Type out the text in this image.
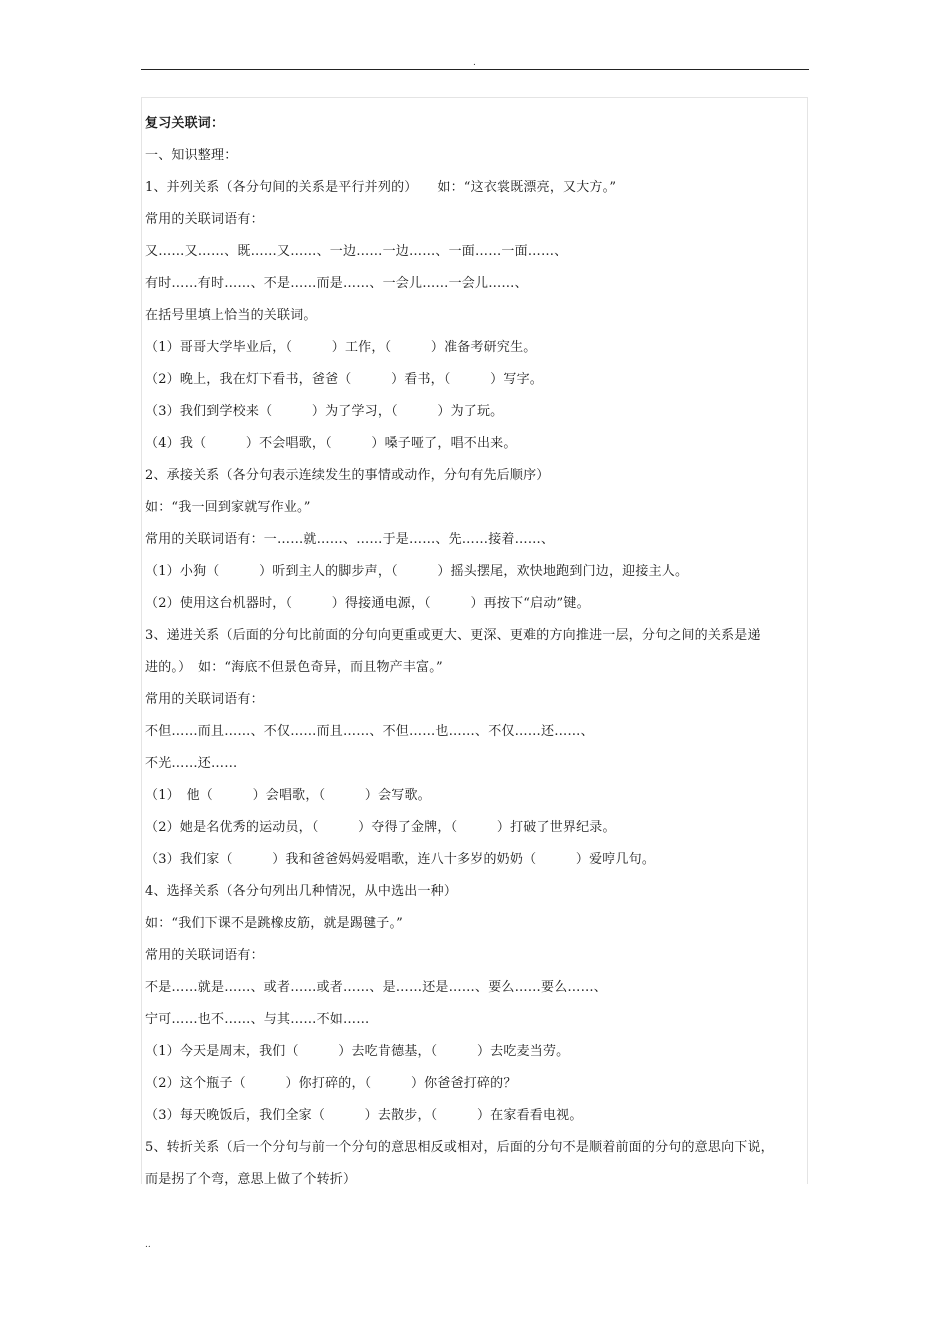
.
复习关联词：
一、知识整理：
1、并列关系（各分句间的关系是平行并列的）　　如：“这衣裳既漂亮，又大方。”
常用的关联词语有：
又……又……、既……又……、一边……一边……、一面……一面……、
有时……有时……、不是……而是……、一会儿……一会儿……、
在括号里填上恰当的关联词。
（1）哥哥大学毕业后，（　　　）工作，（　　　）准备考研究生。
（2）晚上，我在灯下看书，爸爸（　　　）看书，（　　　）写字。
（3）我们到学校来（　　　）为了学习，（　　　）为了玩。
（4）我（　　　）不会唱歌，（　　　）嗓子哑了，唱不出来。
2、承接关系（各分句表示连续发生的事情或动作，分句有先后顺序）
如：“我一回到家就写作业。”
常用的关联词语有：一……就……、……于是……、先……接着……、
（1）小狗（　　　）听到主人的脚步声，（　　　）摇头摆尾，欢快地跑到门边，迎接主人。
（2）使用这台机器时，（　　　）得接通电源，（　　　）再按下“启动”键。
3、递进关系（后面的分句比前面的分句向更重或更大、更深、更难的方向推进一层，分句之间的关系是递
进的。）　如：“海底不但景色奇异，而且物产丰富。”
常用的关联词语有：
不但……而且……、不仅……而且……、不但……也……、不仅……还……、
不光……还……
（1）　他（　　　）会唱歌，（　　　）会写歌。
（2）她是名优秀的运动员，（　　　）夺得了金牌，（　　　）打破了世界纪录。
（3）我们家（　　　）我和爸爸妈妈爱唱歌，连八十多岁的奶奶（　　　）爱哼几句。
4、选择关系（各分句列出几种情况，从中选出一种）
如：“我们下课不是跳橡皮筋，就是踢毽子。”
常用的关联词语有：
不是……就是……、或者……或者……、是……还是……、要么……要么……、
宁可……也不……、与其……不如……
（1）今天是周末，我们（　　　）去吃肯德基，（　　　）去吃麦当劳。
（2）这个瓶子（　　　）你打碎的，（　　　）你爸爸打碎的？
（3）每天晚饭后，我们全家（　　　）去散步，（　　　）在家看看电视。
5、转折关系（后一个分句与前一个分句的意思相反或相对，后面的分句不是顺着前面的分句的意思向下说，
而是拐了个弯，意思上做了个转折）
..
